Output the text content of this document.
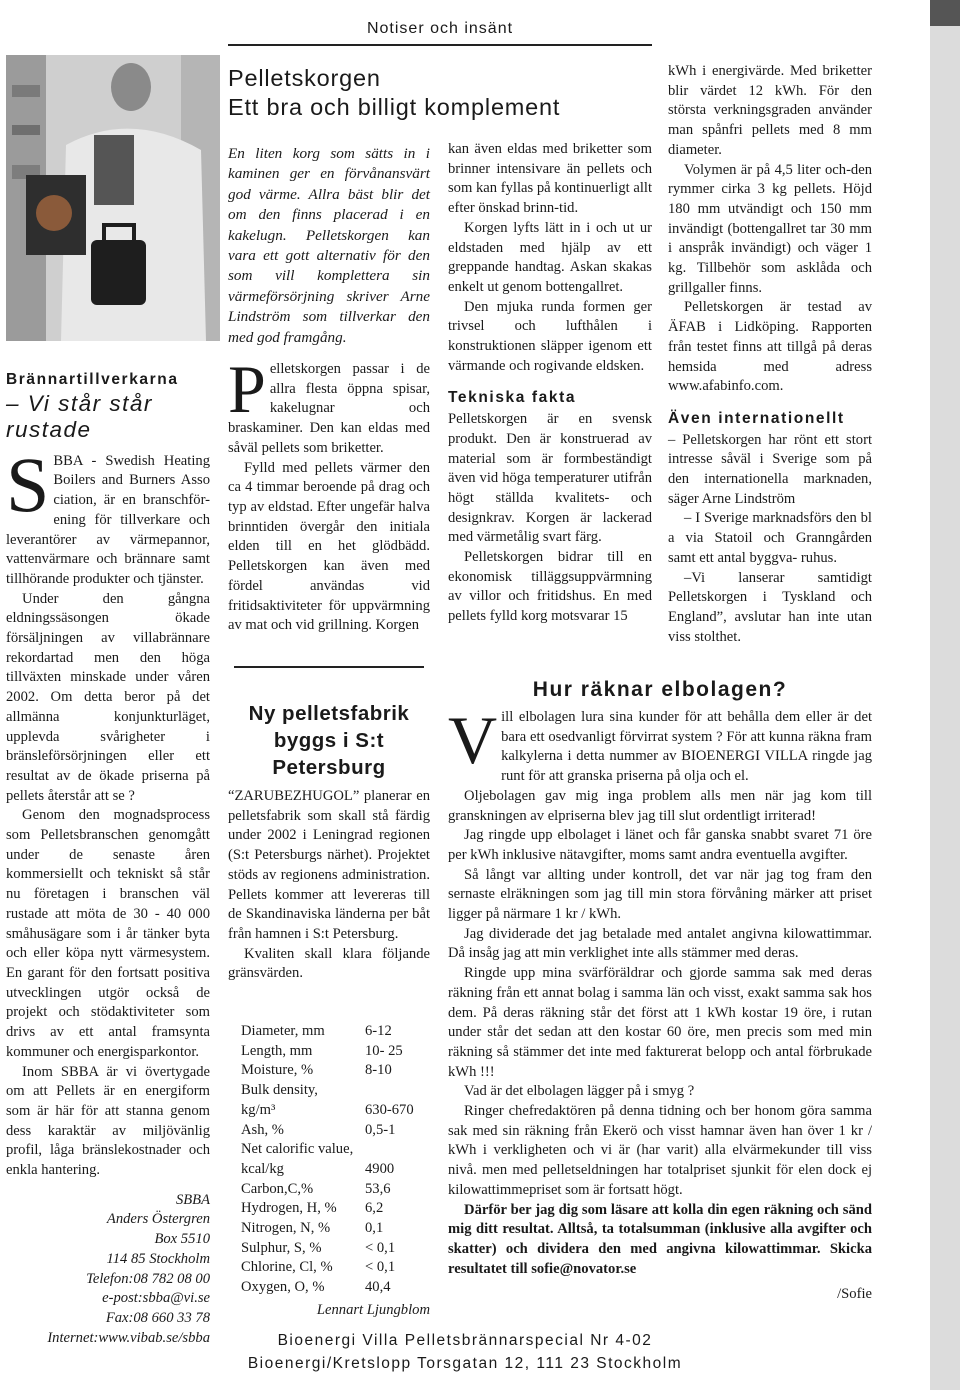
Notiser och insänt
Brännartillverkarna
– Vi står står
rustade

S BBA - Swedish Heating Boilers and Burners Asso ciation, är en branschför-ening för tillverkare och leverantörer av värmepannor, vattenvärmare och brännare samt tillhörande produkter och tjänster.

Under den gångna eldningssäsongen ökade försäljningen av villabrännare rekordartad men den höga tillväxten minskade under våren 2002. Om detta beror på det allmänna konjunkturläget, upplevda svårigheter i bränsleförsörjningen eller ett resultat av de ökade priserna på pellets återstår att se ?

Genom den mognadsprocess som Pelletsbranschen genomgått under de senaste åren kommersiellt och tekniskt så står nu företagen i branschen väl rustade att möta de 30 - 40 000 småhusägare som i år tänker byta och eller köpa nytt värmesystem. En garant för den fortsatt positiva utvecklingen utgör också de projekt och stödaktiviteter som drivs av ett antal framsynta kommuner och energisparkontor.

Inom SBBA är vi övertygade om att Pellets är en energiform som är här för att stanna genom dess karaktär av miljövänlig profil, låga bränslekostnader och enkla hantering.

SBBA
Anders Östergren
Box 5510
114 85 Stockholm
Telefon:08 782 08 00
e-post:sbba@vi.se
Fax:08 660 33 78
Internet:www.vibab.se/sbba
Pelletskorgen
Ett bra och billigt komplement

En liten korg som sätts in i kaminen ger en förvånansvärt god värme. Allra bäst blir det om den finns placerad i en kakelugn. Pelletskorgen kan vara ett gott alternativ för den som vill komplettera sin värmeförsörjning skriver Arne Lindström som tillverkar den med god framgång.

P elletskorgen passar i de allra flesta öppna spisar, kakelugnar och braskaminer. Den kan eldas med såväl pellets som briketter.

Fylld med pellets värmer den ca 4 timmar beroende på drag och typ av eldstad. Efter ungefär halva brinntiden övergår den initiala elden till en het glödbädd. Pelletskorgen kan även med fördel användas vid fritidsaktiviteter för uppvärmning av mat och vid grillning. Korgen

kan även eldas med briketter som brinner intensivare än pellets och som kan fyllas på kontinuerligt allt efter önskad brinn-tid.

Korgen lyfts lätt in i och ut ur eldstaden med hjälp av ett greppande handtag. Askan skakas enkelt ut genom bottengallret.

Den mjuka runda formen ger trivsel och lufthålen i konstruktionen släpper igenom ett värmande och rogivande eldsken.

Tekniska fakta

Pelletskorgen är en svensk produkt. Den är konstruerad av material som är formbeständigt även vid höga temperaturer utifrån högt ställda kvalitets- och designkrav. Korgen är lackerad med värmetålig svart färg.

Pelletskorgen bidrar till en ekonomisk tilläggsuppvärmning av villor och fritidshus. En med pellets fylld korg motsvarar 15

kWh i energivärde. Med briketter blir värdet 12 kWh. För den största verkningsgraden använder man spånfri pellets med 8 mm diameter.

Volymen är på 4,5 liter och-den rymmer cirka 3 kg pellets. Höjd 180 mm utvändigt och 150 mm invändigt (bottengallret tar 30 mm i anspråk invändigt) och väger 1 kg. Tillbehör som asklåda och grillgaller finns.

Pelletskorgen är testad av ÄFAB i Lidköping. Rapporten från testet finns att tillgå på deras hemsida med adress www.afabinfo.com.

Även internationellt

– Pelletskorgen har rönt ett stort intresse såväl i Sverige som på den internationella marknaden, säger Arne Lindström

– I Sverige marknadsförs den bl a via Statoil och Granngården samt ett antal byggva- ruhus.

–Vi lanserar samtidigt Pelletskorgen i Tyskland och England”, avslutar han inte utan viss stolthet.

Ny pelletsfabrik byggs i S:t Petersburg

“ZARUBEZHUGOL” planerar en pelletsfabrik som skall stå färdig under 2002 i Leningrad regionen (S:t Petersburgs närhet). Projektet stöds av regionens administration. Pellets kommer att levereras till de Skandinaviska länderna per båt från hamnen i S:t Petersburg.

Kvaliten skall klara följande gränsvärden.

Diameter, mm	6-12
Length, mm	10- 25
Moisture, %	8-10
Bulk density,	
kg/m³	630-670
Ash, %	0,5-1
Net calorific value,	
kcal/kg	4900
Carbon,C,%	53,6
Hydrogen, H, %	6,2
Nitrogen, N, %	0,1
Sulphur, S, %	< 0,1
Chlorine, Cl, %	< 0,1
Oxygen, O, %	40,4
Lennart Ljungblom
Hur räknar elbolagen?

V ill elbolagen lura sina kunder för att behålla dem eller är det bara ett osedvanligt förvirrat system ? För att kunna räkna fram kalkylerna i detta nummer av BIOENERGI VILLA ringde jag runt för att granska priserna på olja och el.

Oljebolagen gav mig inga problem alls men när jag kom till granskningen av elpriserna blev jag till slut ordentligt irriterad!

Jag ringde upp elbolaget i länet och får ganska snabbt svaret 71 öre per kWh inklusive nätavgifter, moms samt andra eventuella avgifter.

Så långt var allting under kontroll, det var när jag tog fram den sernaste elräkningen som jag till min stora förvåning märker att priset ligger på närmare 1 kr / kWh.

Jag dividerade det jag betalade med antalet angivna kilowattimmar. Då insåg jag att min verklighet inte alls stämmer med deras.

Ringde upp mina svärföräldrar och gjorde samma sak med deras räkning från ett annat bolag i samma län och visst, exakt samma sak hos dem. På deras räkning står det först att 1 kWh kostar 19 öre, i rutan under står det sedan att den kostar 60 öre, men precis som med min räkning så stämmer det inte med fakturerat belopp och antal förbrukade kWh !!!

Vad är det elbolagen lägger på i smyg ?

Ringer chefredaktören på denna tidning och ber honom göra samma sak med sin räkning från Ekerö och visst hamnar även han över 1 kr / kWh i verkligheten och vi är (har varit) alla elvärmekunder till viss nivå. men med pelletseldningen har totalpriset sjunkit för elen dock ej kilowattimmepriset som är fortsatt högt.

Därför ber jag dig som läsare att kolla din egen räkning och sänd mig ditt resultat. Alltså, ta totalsumman (inklusive alla avgifter och skatter) och dividera den med angivna kilowattimmar. Skicka resultatet till sofie@novator.se

/Sofie

Bioenergi Villa Pelletsbrännarspecial Nr 4-02
Bioenergi/Kretslopp Torsgatan 12, 111 23 Stockholm
